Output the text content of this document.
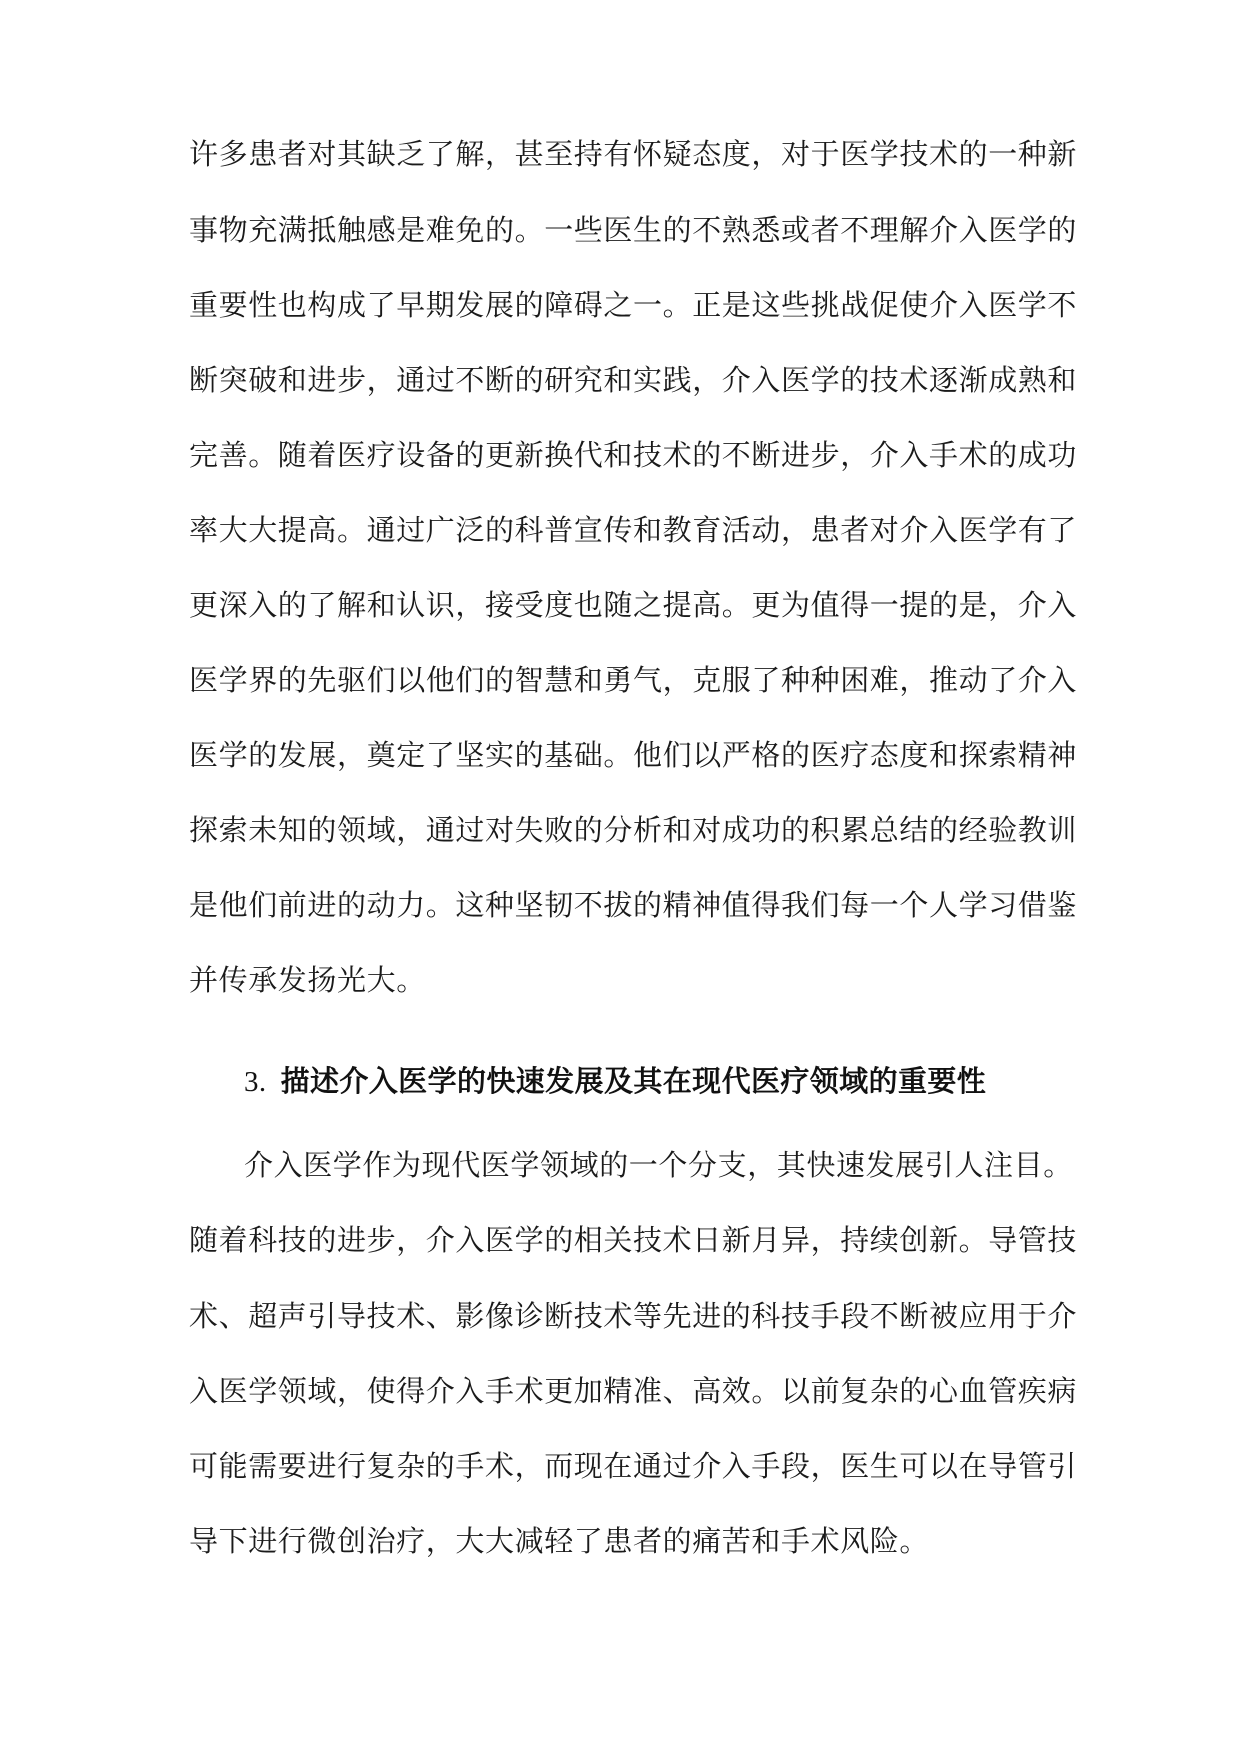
许多患者对其缺乏了解，甚至持有怀疑态度，对于医学技术的一种新
事物充满抵触感是难免的。一些医生的不熟悉或者不理解介入医学的
重要性也构成了早期发展的障碍之一。正是这些挑战促使介入医学不
断突破和进步，通过不断的研究和实践，介入医学的技术逐渐成熟和
完善。随着医疗设备的更新换代和技术的不断进步，介入手术的成功
率大大提高。通过广泛的科普宣传和教育活动，患者对介入医学有了
更深入的了解和认识，接受度也随之提高。更为值得一提的是，介入
医学界的先驱们以他们的智慧和勇气，克服了种种困难，推动了介入
医学的发展，奠定了坚实的基础。他们以严格的医疗态度和探索精神
探索未知的领域，通过对失败的分析和对成功的积累总结的经验教训
是他们前进的动力。这种坚韧不拔的精神值得我们每一个人学习借鉴
并传承发扬光大。
3. 描述介入医学的快速发展及其在现代医疗领域的重要性
介入医学作为现代医学领域的一个分支，其快速发展引人注目。
随着科技的进步，介入医学的相关技术日新月异，持续创新。导管技
术、超声引导技术、影像诊断技术等先进的科技手段不断被应用于介
入医学领域，使得介入手术更加精准、高效。以前复杂的心血管疾病
可能需要进行复杂的手术，而现在通过介入手段，医生可以在导管引
导下进行微创治疗，大大减轻了患者的痛苦和手术风险。
